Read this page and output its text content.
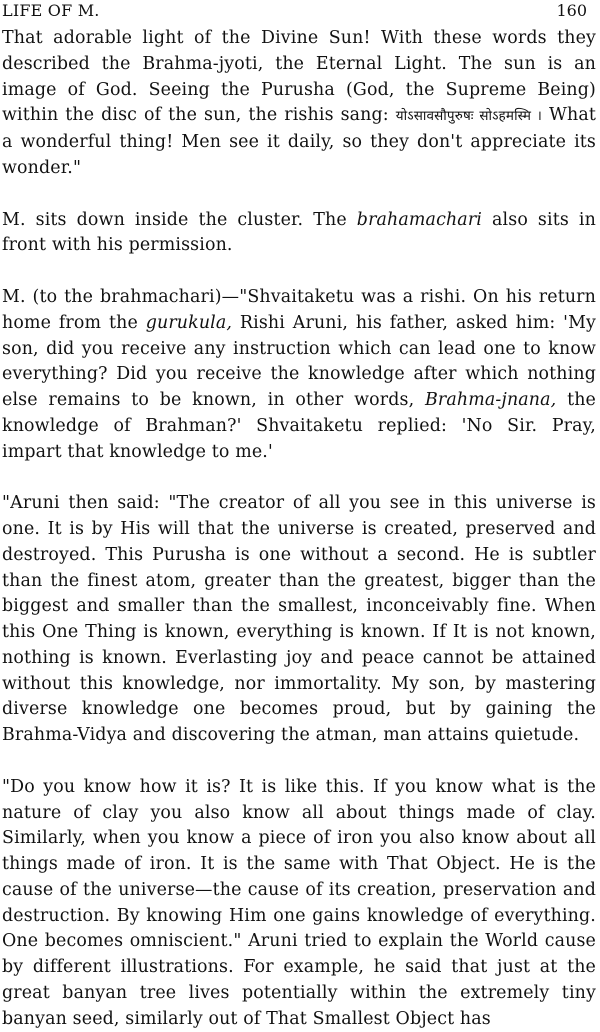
LIFE OF M.	160

That adorable light of the Divine Sun! With these words they described the Brahma-jyoti, the Eternal Light. The sun is an image of God. Seeing the Purusha (God, the Supreme Being) within the disc of the sun, the rishis sang: योऽसावसौपुरुषः सोऽहमस्मि । What a wonderful thing! Men see it daily, so they don't appreciate its wonder."

M. sits down inside the cluster. The brahamachari also sits in front with his permission.

M. (to the brahmachari)—"Shvaitaketu was a rishi. On his return home from the gurukula, Rishi Aruni, his father, asked him: 'My son, did you receive any instruction which can lead one to know everything? Did you receive the knowledge after which nothing else remains to be known, in other words, Brahma-jnana, the knowledge of Brahman?' Shvaitaketu replied: 'No Sir. Pray, impart that knowledge to me.'

"Aruni then said: "The creator of all you see in this universe is one. It is by His will that the universe is created, preserved and destroyed. This Purusha is one without a second. He is subtler than the finest atom, greater than the greatest, bigger than the biggest and smaller than the smallest, inconceivably fine. When this One Thing is known, everything is known. If It is not known, nothing is known. Everlasting joy and peace cannot be attained without this knowledge, nor immortality. My son, by mastering diverse knowledge one becomes proud, but by gaining the Brahma-Vidya and discovering the atman, man attains quietude.

"Do you know how it is? It is like this. If you know what is the nature of clay you also know all about things made of clay. Similarly, when you know a piece of iron you also know about all things made of iron. It is the same with That Object. He is the cause of the universe—the cause of its creation, preservation and destruction. By knowing Him one gains knowledge of everything. One becomes omniscient." Aruni tried to explain the World cause by different illustrations. For example, he said that just at the great banyan tree lives potentially within the extremely tiny banyan seed, similarly out of That Smallest Object has
